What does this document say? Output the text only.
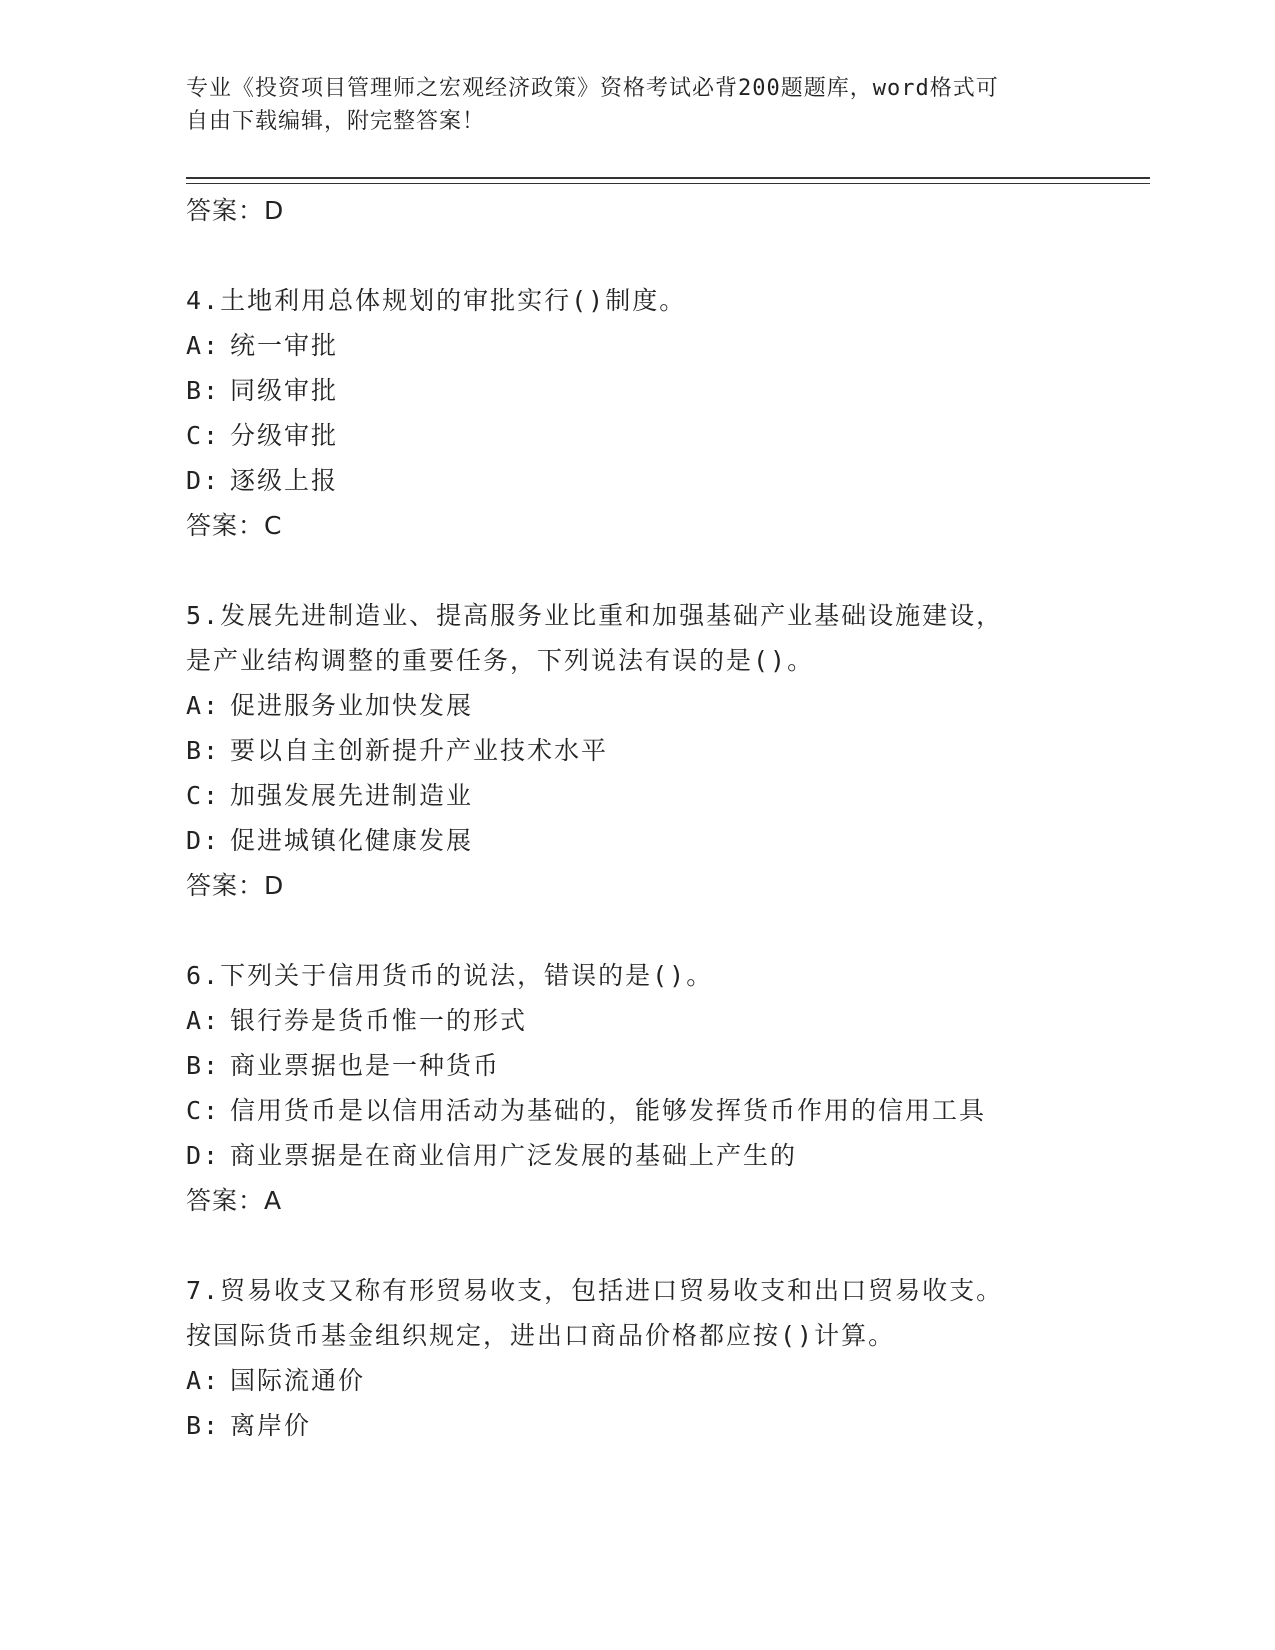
专业《投资项目管理师之宏观经济政策》资格考试必背200题题库，word格式可
自由下载编辑，附完整答案！
答案：D
4.土地利用总体规划的审批实行()制度。
A: 统一审批
B: 同级审批
C: 分级审批
D: 逐级上报
答案：C
5.发展先进制造业、提高服务业比重和加强基础产业基础设施建设，
是产业结构调整的重要任务，下列说法有误的是()。
A: 促进服务业加快发展
B: 要以自主创新提升产业技术水平
C: 加强发展先进制造业
D: 促进城镇化健康发展
答案：D
6.下列关于信用货币的说法，错误的是()。
A: 银行券是货币惟一的形式
B: 商业票据也是一种货币
C: 信用货币是以信用活动为基础的，能够发挥货币作用的信用工具
D: 商业票据是在商业信用广泛发展的基础上产生的
答案：A
7.贸易收支又称有形贸易收支，包括进口贸易收支和出口贸易收支。
按国际货币基金组织规定，进出口商品价格都应按()计算。
A: 国际流通价
B: 离岸价
